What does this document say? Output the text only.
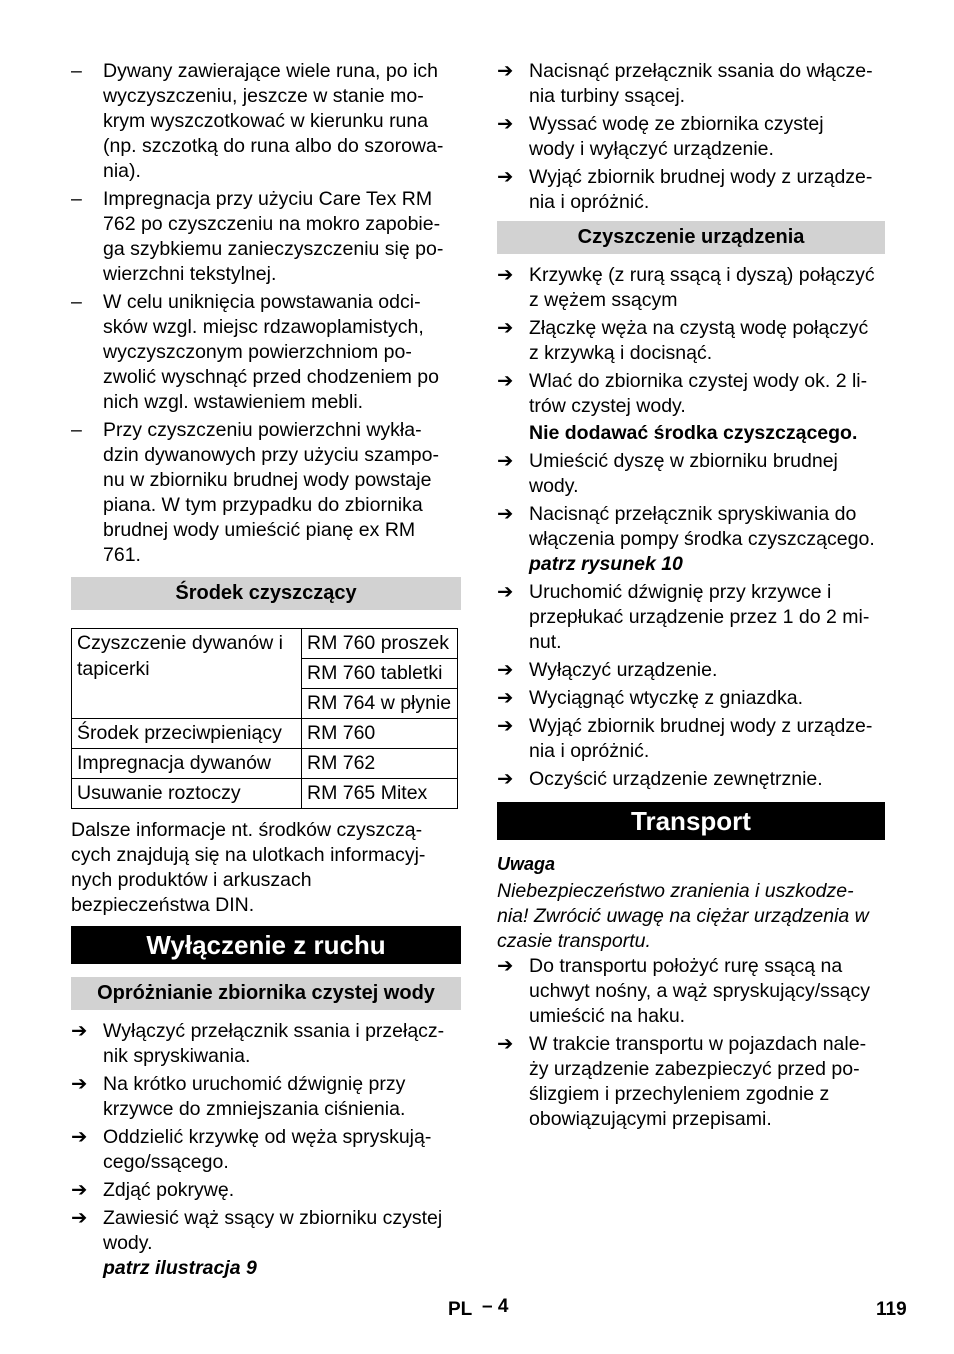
–	Dywany zawierające wiele runa, po ich
wyczyszczeniu, jeszcze w stanie mo-
krym wyszczotkować w kierunku runa
(np. szczotką do runa albo do szorowa-
nia).
–	Impregnacja przy użyciu Care Tex RM
762 po czyszczeniu na mokro zapobie-
ga szybkiemu zanieczyszczeniu się po-
wierzchni tekstylnej.
–	W celu uniknięcia powstawania odci-
sków wzgl. miejsc rdzawoplamistych,
wyczyszczonym powierzchniom po-
zwolić wyschnąć przed chodzeniem po
nich wzgl. wstawieniem mebli.
–	Przy czyszczeniu powierzchni wykła-
dzin dywanowych przy użyciu szampo-
nu w zbiorniku brudnej wody powstaje
piana. W tym przypadku do zbiornika
brudnej wody umieścić pianę ex RM
761.
Środek czyszczący
Czyszczenie dywanów i tapicerki	RM 760 proszek
	RM 760 tabletki
	RM 764 w płynie
Środek przeciwpieniący	RM 760
Impregnacja dywanów	RM 762
Usuwanie roztoczy	RM 765 Mitex
Dalsze informacje nt. środków czyszczą-
cych znajdują się na ulotkach informacyj-
nych produktów i arkuszach
bezpieczeństwa DIN.
Wyłączenie z ruchu
Opróżnianie zbiornika czystej wody
➔ Wyłączyć przełącznik ssania i przełącz-
nik spryskiwania.
➔ Na krótko uruchomić dźwignię przy
krzywce do zmniejszania ciśnienia.
➔ Oddzielić krzywkę od węża spryskują-
cego/ssącego.
➔ Zdjąć pokrywę.
➔ Zawiesić wąż ssący w zbiorniku czystej
wody.
patrz ilustracja 9
➔ Nacisnąć przełącznik ssania do włącze-
nia turbiny ssącej.
➔ Wyssać wodę ze zbiornika czystej
wody i wyłączyć urządzenie.
➔ Wyjąć zbiornik brudnej wody z urządze-
nia i opróżnić.
Czyszczenie urządzenia
➔ Krzywkę (z rurą ssącą i dyszą) połączyć
z wężem ssącym
➔ Złączkę węża na czystą wodę połączyć
z krzywką i docisnąć.
➔ Wlać do zbiornika czystej wody ok. 2 li-
trów czystej wody.
Nie dodawać środka czyszczącego.
➔ Umieścić dyszę w zbiorniku brudnej
wody.
➔ Nacisnąć przełącznik spryskiwania do
włączenia pompy środka czyszczącego.
patrz rysunek 10
➔ Uruchomić dźwignię przy krzywce i
przepłukać urządzenie przez 1 do 2 mi-
nut.
➔ Wyłączyć urządzenie.
➔ Wyciągnąć wtyczkę z gniazdka.
➔ Wyjąć zbiornik brudnej wody z urządze-
nia i opróżnić.
➔ Oczyścić urządzenie zewnętrznie.
Transport
Uwaga
Niebezpieczeństwo zranienia i uszkodze-
nia! Zwrócić uwagę na ciężar urządzenia w
czasie transportu.
➔ Do transportu położyć rurę ssącą na
uchwyt nośny, a wąż spryskujący/ssący
umieścić na haku.
➔ W trakcie transportu w pojazdach nale-
ży urządzenie zabezpieczyć przed po-
ślizgiem i przechyleniem zgodnie z
obowiązującymi przepisami.
PL – 4	119
